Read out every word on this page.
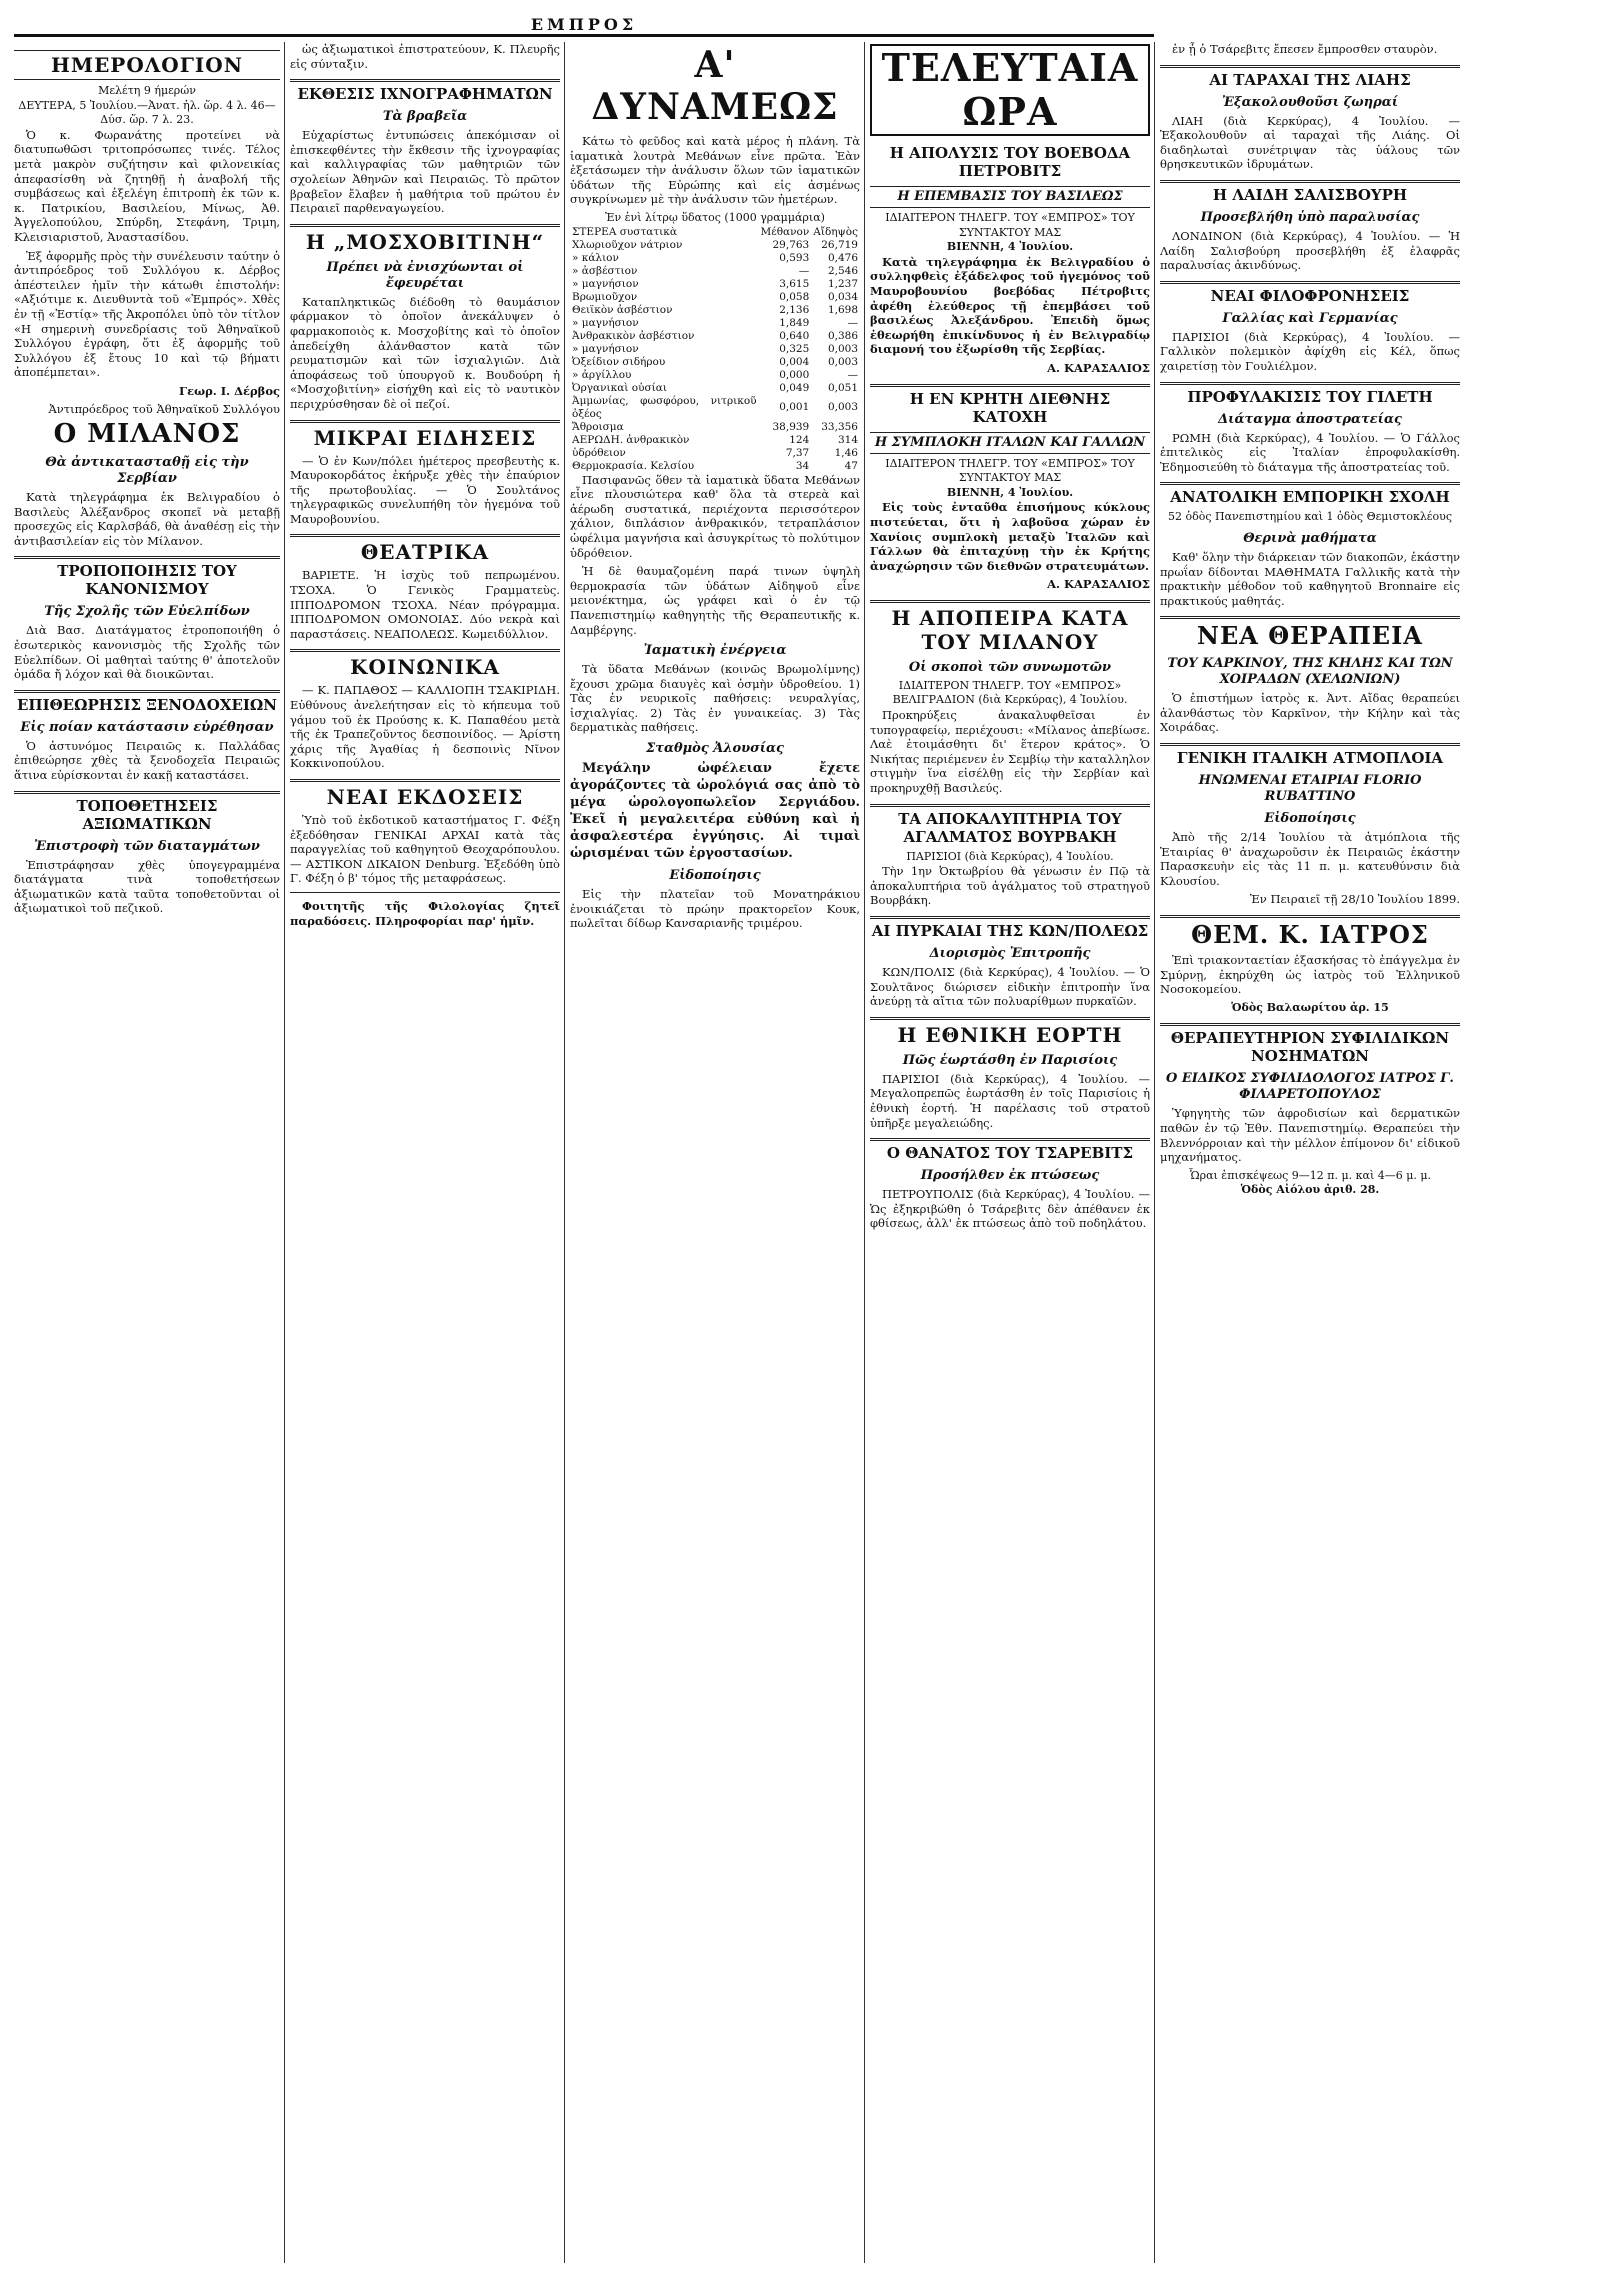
ΕΜΠΡΟΣ
ΗΜΕΡΟΛΟΓΙΟΝ
Μελέτη 9 ήμερών
ΔΕΥΤΕΡΑ, 5 Ἰουλίου.—Ἀνατ. ἡλ. ὥρ. 4 λ. 46—Δύσ. ὥρ. 7 λ. 23.

Ὁ κ. Φωρανάτης προτείνει νὰ διατυπωθῶσι τριτοπρόσωπες τινές. Τέλος μετὰ μακρὸν συζήτησιν καὶ φιλονεικίας ἀπεφασίσθη νὰ ζητηθῇ ἡ ἀναβολή τῆς συμβάσεως καὶ ἐξελέγη ἐπιτροπὴ ἐκ τῶν κ. κ. Πατρικίου, Βασιλείου, Μίνως, Ἀθ. Ἀγγελοπούλου, Σπύρδη, Στεφάνη, Τριμη, Κλεισιαριστοῦ, Ἀναστασίδου.

Ἐξ ἀφορμῆς πρὸς τὴν συνέλευσιν ταύτην ὁ ἀντιπρόεδρος τοῦ Συλλόγου κ. Δέρβος ἀπέστειλεν ἡμῖν τὴν κάτωθι ἐπιστολήν: «Αξιότιμε κ. Διευθυντὰ τοῦ «Ἐμπρός». Χθὲς ἐν τῇ «Ἑστίᾳ» τῆς Ἀκροπόλει ὑπὸ τὸν τίτλον «Η σημερινὴ συνεδρίασις τοῦ Ἀθηναϊκοῦ Συλλόγου ἐγράφη, ὅτι ἐξ ἀφορμῆς τοῦ Συλλόγου ἐξ ἔτους 10 καὶ τῷ βήματι ἀποπέμπεται».

Γεωρ. Ι. Δέρβος
Ἀντιπρόεδρος τοῦ Ἀθηναϊκοῦ Συλλόγου
Ο ΜΙΛΑΝΟΣ
Θὰ ἀντικατασταθῇ εἰς τὴν Σερβίαν

Κατὰ τηλεγράφημα ἐκ Βελιγραδίου ὁ Βασιλεὺς Ἀλέξανδρος σκοπεῖ νὰ μεταβῇ προσεχῶς εἰς Καρλσβάδ, θὰ ἀναθέσῃ εἰς τὴν ἀντιβασιλείαν εἰς τὸν Μίλανον.

ΤΡΟΠΟΠΟΙΗΣΙΣ ΤΟΥ ΚΑΝΟΝΙΣΜΟΥ
Τῆς Σχολῆς τῶν Εὐελπίδων

Διὰ Βασ. Διατάγματος ἐτροποποιήθη ὁ ἐσωτερικὸς κανονισμὸς τῆς Σχολῆς τῶν Εὐελπίδων. Οἱ μαθηταὶ ταύτης θ' ἀποτελοῦν ὁμάδα ἤ λόχον καὶ θὰ διοικῶνται.

ΕΠΙΘΕΩΡΗΣΙΣ ΞΕΝΟΔΟΧΕΙΩΝ
Εἰς ποίαν κατάστασιν εὑρέθησαν

Ὁ ἀστυνόμος Πειραιῶς κ. Παλλάδας ἐπιθεώρησε χθὲς τὰ ξενοδοχεῖα Πειραιῶς ἅτινα εὑρίσκονται ἐν κακῇ καταστάσει.

ΤΟΠΟΘΕΤΗΣΕΙΣ ΑΞΙΩΜΑΤΙΚΩΝ
Ἐπιστροφὴ τῶν διαταγμάτων

Ἐπιστράφησαν χθὲς ὑπογεγραμμένα διατάγματα τινὰ τοποθετήσεων ἀξιωματικῶν κατὰ ταῦτα τοποθετοῦνται οἱ ἀξιωματικοὶ τοῦ πεζικοῦ.

ὡς ἀξιωματικοὶ ἐπιστρατεύουν, Κ. Πλευρῆς εἰς σύνταξιν.

ΕΚΘΕΣΙΣ ΙΧΝΟΓΡΑΦΗΜΑΤΩΝ
Τὰ βραβεῖα

Εὐχαρίστως ἐντυπώσεις ἀπεκόμισαν οἱ ἐπισκεφθέντες τὴν ἔκθεσιν τῆς ἰχνογραφίας καὶ καλλιγραφίας τῶν μαθητριῶν τῶν σχολείων Ἀθηνῶν καὶ Πειραιῶς. Τὸ πρῶτον βραβεῖον ἔλαβεν ἡ μαθήτρια τοῦ πρώτου ἐν Πειραιεῖ παρθεναγωγείου.

Η „ΜΟΣΧΟΒΙΤΙΝΗ“
Πρέπει νὰ ἐνισχύωνται οἱ ἔφευρέται

Καταπληκτικῶς διέδοθη τὸ θαυμάσιον φάρμακον τὸ ὁποῖον ἀνεκάλυψεν ὁ φαρμακοποιὸς κ. Μοσχοβίτης καὶ τὸ ὁποῖον ἀπεδείχθη ἀλάνθαστον κατὰ τῶν ρευματισμῶν καὶ τῶν ἰσχιαλγιῶν. Διὰ ἀποφάσεως τοῦ ὑπουργοῦ κ. Βουδούρη ἡ «Μοσχοβιτίνη» εἰσήχθη καὶ εἰς τὸ ναυτικὸν περιχρύσθησαν δὲ οἱ πεζοί.

ΜΙΚΡΑΙ ΕΙΔΗΣΕΙΣ

— Ὁ ἐν Κων/πόλει ἡμέτερος πρεσβευτὴς κ. Μαυροκορδάτος ἐκήρυξε χθὲς τὴν ἐπαύριον τῆς πρωτοβουλίας. — Ὁ Σουλτάνος τηλεγραφικῶς συνελυπήθη τὸν ἡγεμόνα τοῦ Μαυροβουνίου.

ΘΕΑΤΡΙΚΑ

ΒΑΡΙΕΤΕ. Ἡ ἰσχὺς τοῦ πεπρωμένου. ΤΣΟΧΑ. Ὁ Γενικὸς Γραμματεὺς. ΙΠΠΟΔΡΟΜΟΝ ΤΣΟΧΑ. Νέαν πρόγραμμα. ΙΠΠΟΔΡΟΜΟΝ ΟΜΟΝΟΙΑΣ. Δύο νεκρὰ καὶ παραστάσεις. ΝΕΑΠΟΛΕΩΣ. Κωμειδύλλιον.

ΚΟΙΝΩΝΙΚΑ

— Κ. ΠΑΠΑΘΟΣ — ΚΑΛΛΙΟΠΗ ΤΣΑΚΙΡΙΔΗ. Εὐθύνους ἀνελεήτησαν εἰς τὸ κήπευμα τοῦ γάμου τοῦ ἐκ Προύσης κ. Κ. Παπαθέου μετὰ τῆς ἐκ Τραπεζοῦντος δεσποινίδος. — Ἀρίστη χάρις τῆς Ἀγαθίας ἡ δεσποινὶς Νῖνον Κοκκινοπούλου.

ΝΕΑΙ ΕΚΔΟΣΕΙΣ

Ὑπὸ τοῦ ἐκδοτικοῦ καταστήματος Γ. Φέξη ἐξεδόθησαν ΓΕΝΙΚΑΙ ΑΡΧΑΙ κατὰ τὰς παραγγελίας τοῦ καθηγητοῦ Θεοχαρόπουλου. — ΑΣΤΙΚΟΝ ΔΙΚΑΙΟΝ Denburg. Ἐξεδόθη ὑπὸ Γ. Φέξη ὁ β' τόμος τῆς μεταφράσεως.

Φοιτητῆς τῆς Φιλολογίας ζητεῖ παραδόσεις. Πληροφορίαι παρ' ἡμῖν.

Α' ΔΥΝΑΜΕΩΣ

Κάτω τὸ φεῦδος καὶ κατὰ μέρος ἡ πλάνη. Τὰ ἰαματικὰ λουτρὰ Μεθάνων εἶνε πρῶτα. Ἐὰν ἐξετάσωμεν τὴν ἀνάλυσιν ὅλων τῶν ἰαματικῶν ὑδάτων τῆς Εὐρώπης καὶ εἰς ἀσμένως συγκρίνωμεν μὲ τὴν ἀνάλυσιν τῶν ἡμετέρων.

Ἐν ἑνὶ λίτρῳ ὕδατος (1000 γραμμάρια)
ΣΤΕΡΕΑ συστατικὰ	Μέθανον	Αἴδηψὸς
Χλωριοῦχον νάτριον	29,763	26,719
» κάλιον	0,593	0,476
» ἀσβέστιον	—	2,546
» μαγνήσιον	3,615	1,237
Βρωμιοῦχον	0,058	0,034
Θειϊκὸν ἀσβέστιον	2,136	1,698
» μαγνήσιον	1,849	—
Ἀνθρακικὸν ἀσβέστιον	0,640	0,386
» μαγνήσιον	0,325	0,003
Ὀξείδιον σιδήρου	0,004	0,003
» ἀργίλλου	0,000	—
Ὀργανικαὶ οὐσίαι	0,049	0,051
Ἀμμωνίας, φωσφόρου, νιτρικοῦ ὀξέος	0,001	0,003
Ἄθροισμα	38,939	33,356
ΑΕΡΩΔΗ. ἀνθρακικὸν	124	314
ὑδρόθειον	7,37	1,46
Θερμοκρασία. Κελσίου	34	47

Πασιφανῶς ὅθεν τὰ ἰαματικὰ ὕδατα Μεθάνων εἶνε πλουσιώτερα καθ' ὅλα τὰ στερεὰ καὶ ἀέρωδη συστατικά, περιέχοντα περισσότερον χάλιον, διπλάσιον ἀνθρακικόν, τετραπλάσιον ὠφέλιμα μαγνήσια καὶ ἀσυγκρίτως τὸ πολύτιμον ὑδρόθειον.

Ἡ δὲ θαυμαζομένη παρά τινων ὑψηλὴ θερμοκρασία τῶν ὑδάτων Αἰδηψοῦ εἶνε μειονέκτημα, ὡς γράφει καὶ ὁ ἐν τῷ Πανεπιστημίῳ καθηγητὴς τῆς Θεραπευτικῆς κ. Δαμβέργης.

Ἰαματικὴ ἐνέργεια

Τὰ ὕδατα Μεθάνων (κοινῶς Βρωμολίμνης) ἔχουσι χρῶμα διαυγὲς καὶ ὀσμὴν ὑδροθείου. 1) Τὰς ἐν νευρικοῖς παθήσεις: νευραλγίας, ἰσχιαλγίας. 2) Τὰς ἐν γυναικείας. 3) Τὰς δερματικὰς παθήσεις.

Σταθμὸς Ἀλουσίας

Μεγάλην ὠφέλειαν ἔχετε ἀγοράζοντες τὰ ὡρολόγιά σας ἀπὸ τὸ μέγα ὡρολογοπωλεῖον Σεργιάδου. Ἐκεῖ ἡ μεγαλειτέρα εὐθύνη καὶ ἡ ἀσφαλεστέρα ἐγγύησις. Αἱ τιμαὶ ὡρισμέναι τῶν ἐργοστασίων.

Εἰδοποίησις

Εἰς τὴν πλατεῖαν τοῦ Μονατηράκιου ἐνοικιάζεται τὸ πρώην πρακτορεῖον Κουκ, πωλεῖται δίδωρ Κανσαριανῆς τριμέρου.

ΤΕΛΕΥΤΑΙΑ ΩΡΑ
Η ΑΠΟΛΥΣΙΣ ΤΟΥ ΒΟΕΒΟΔΑ ΠΕΤΡΟΒΙΤΣ
Η ΕΠΕΜΒΑΣΙΣ ΤΟΥ ΒΑΣΙΛΕΩΣ
ΙΔΙΑΙΤΕΡΟΝ ΤΗΛΕΓΡ. ΤΟΥ «ΕΜΠΡΟΣ» ΤΟΥ ΣΥΝΤΑΚΤΟΥ ΜΑΣ
ΒΙΕΝΝΗ, 4 Ἰουλίου.

Κατὰ τηλεγράφημα ἐκ Βελιγραδίου ὁ συλληφθεὶς ἐξάδελφος τοῦ ἡγεμόνος τοῦ Μαυροβουνίου βοεβόδας Πέτροβιτς ἀφέθη ἐλεύθερος τῇ ἐπεμβάσει τοῦ βασιλέως Ἀλεξάνδρου. Ἐπειδὴ ὅμως ἐθεωρήθη ἐπικίνδυνος ἡ ἐν Βελιγραδίῳ διαμονή του ἐξωρίσθη τῆς Σερβίας.

Α. ΚΑΡΑΣΑΛΙΟΣ
Η ΕΝ ΚΡΗΤΗ ΔΙΕΘΝΗΣ ΚΑΤΟΧΗ
Η ΣΥΜΠΛΟΚΗ ΙΤΑΛΩΝ ΚΑΙ ΓΑΛΛΩΝ
ΙΔΙΑΙΤΕΡΟΝ ΤΗΛΕΓΡ. ΤΟΥ «ΕΜΠΡΟΣ» ΤΟΥ ΣΥΝΤΑΚΤΟΥ ΜΑΣ
ΒΙΕΝΝΗ, 4 Ἰουλίου.

Εἰς τοὺς ἐνταῦθα ἐπισήμους κύκλους πιστεύεται, ὅτι ἡ λαβοῦσα χώραν ἐν Χανίοις συμπλοκὴ μεταξὺ Ἰταλῶν καὶ Γάλλων θὰ ἐπιταχύνῃ τὴν ἐκ Κρήτης ἀναχώρησιν τῶν διεθνῶν στρατευμάτων.

Α. ΚΑΡΑΣΑΛΙΟΣ
Η ΑΠΟΠΕΙΡΑ ΚΑΤΑ ΤΟΥ ΜΙΛΑΝΟΥ
Οἱ σκοποὶ τῶν συνωμοτῶν
ΙΔΙΑΙΤΕΡΟΝ ΤΗΛΕΓΡ. ΤΟΥ «ΕΜΠΡΟΣ»
ΒΕΛΙΓΡΑΔΙΟΝ (διὰ Κερκύρας), 4 Ἰουλίου.

Προκηρύξεις ἀνακαλυφθεῖσαι ἐν τυπογραφείῳ, περιέχουσι: «Μίλανος ἀπεβίωσε. Λαὲ ἐτοιμάσθητι δι' ἕτερον κράτος». Ὁ Νικήτας περιέμενεν ἐν Σεμβίῳ τὴν καταλληλον στιγμὴν ἵνα εἰσέλθῃ εἰς τὴν Σερβίαν καὶ προκηρυχθῇ Βασιλεύς.

ΤΑ ΑΠΟΚΑΛΥΠΤΗΡΙΑ ΤΟΥ ΑΓΑΛΜΑΤΟΣ ΒΟΥΡΒΑΚΗ
ΠΑΡΙΣΙΟΙ (διὰ Κερκύρας), 4 Ἰουλίου.

Τὴν 1ην Ὀκτωβρίου θὰ γένωσιν ἐν Πῷ τὰ ἀποκαλυπτήρια τοῦ ἀγάλματος τοῦ στρατηγοῦ Βουρβάκη.

ΑΙ ΠΥΡΚΑΙΑΙ ΤΗΣ ΚΩΝ/ΠΟΛΕΩΣ
Διορισμὸς Ἐπιτροπῆς

ΚΩΝ/ΠΟΛΙΣ (διὰ Κερκύρας), 4 Ἰουλίου. — Ὁ Σουλτᾶνος διώρισεν εἰδικὴν ἐπιτροπὴν ἵνα ἀνεύρῃ τὰ αἴτια τῶν πολυαρίθμων πυρκαϊῶν.

Η ΕΘΝΙΚΗ ΕΟΡΤΗ
Πῶς ἑωρτάσθη ἐν Παρισίοις

ΠΑΡΙΣΙΟΙ (διὰ Κερκύρας), 4 Ἰουλίου. — Μεγαλοπρεπῶς ἑωρτάσθη ἐν τοῖς Παρισίοις ἡ ἐθνικὴ ἑορτή. Ἡ παρέλασις τοῦ στρατοῦ ὑπῆρξε μεγαλειώδης.

Ο ΘΑΝΑΤΟΣ ΤΟΥ ΤΣΑΡΕΒΙΤΣ
Προσήλθεν ἐκ πτώσεως

ΠΕΤΡΟΥΠΟΛΙΣ (διὰ Κερκύρας), 4 Ἰουλίου. — Ὡς ἐξηκριβώθη ὁ Τσάρεβιτς δὲν ἀπέθανεν ἐκ φθίσεως, ἀλλ' ἐκ πτώσεως ἀπὸ τοῦ ποδηλάτου.

ἐν ᾗ ὁ Τσάρεβιτς ἔπεσεν ἔμπροσθεν σταυρὸν.

ΑΙ ΤΑΡΑΧΑΙ ΤΗΣ ΛΙΑΗΣ
Ἐξακολουθοῦσι ζωηραί

ΛΙΑΗ (διὰ Κερκύρας), 4 Ἰουλίου. — Ἐξακολουθοῦν αἱ ταραχαὶ τῆς Λιάης. Οἱ διαδηλωταὶ συνέτριψαν τὰς ὑάλους τῶν θρησκευτικῶν ἱδρυμάτων.

Η ΛΑΙΔΗ ΣΑΛΙΣΒΟΥΡΗ
Προσεβλήθη ὑπὸ παραλυσίας

ΛΟΝΔΙΝΟΝ (διὰ Κερκύρας), 4 Ἰουλίου. — Ἡ Λαίδη Σαλισβούρη προσεβλήθη ἐξ ἐλαφρᾶς παραλυσίας ἀκινδύνως.

ΝΕΑΙ ΦΙΛΟΦΡΟΝΗΣΕΙΣ
Γαλλίας καὶ Γερμανίας

ΠΑΡΙΣΙΟΙ (διὰ Κερκύρας), 4 Ἰουλίου. — Γαλλικὸν πολεμικὸν ἀφίχθη εἰς Κέλ, ὅπως χαιρετίσῃ τὸν Γουλιέλμον.

ΠΡΟΦΥΛΑΚΙΣΙΣ ΤΟΥ ΓΙΛΕΤΗ
Διάταγμα ἀποστρατείας

ΡΩΜΗ (διὰ Κερκύρας), 4 Ἰουλίου. — Ὁ Γάλλος ἐπιτελικὸς εἰς Ἰταλίαν ἐπροφυλακίσθη. Ἐδημοσιεύθη τὸ διάταγμα τῆς ἀποστρατείας τοῦ.

ΑΝΑΤΟΛΙΚΗ ΕΜΠΟΡΙΚΗ ΣΧΟΛΗ
52 ὁδὸς Πανεπιστημίου καὶ 1 ὁδὸς Θεμιστοκλέους
Θερινὰ μαθήματα

Καθ' ὅλην τὴν διάρκειαν τῶν διακοπῶν, ἑκάστην πρωΐαν δίδονται ΜΑΘΗΜΑΤΑ Γαλλικῆς κατὰ τὴν πρακτικὴν μέθοδον τοῦ καθηγητοῦ Bronnaire εἰς πρακτικούς μαθητάς.

ΝΕΑ ΘΕΡΑΠΕΙΑ
ΤΟΥ ΚΑΡΚΙΝΟΥ, ΤΗΣ ΚΗΛΗΣ ΚΑΙ ΤΩΝ ΧΟΙΡΑΔΩΝ (ΧΕΛΩΝΙΩΝ)

Ὁ ἐπιστήμων ἰατρὸς κ. Ἀντ. Αἴδας θεραπεύει ἀλανθάστως τὸν Καρκῖνον, τὴν Κήλην καὶ τὰς Χοιράδας.

ΓΕΝΙΚΗ ΙΤΑΛΙΚΗ ΑΤΜΟΠΛΟΙΑ
ΗΝΩΜΕΝΑΙ ΕΤΑΙΡΙΑΙ FLORIO RUBATTINO
Εἰδοποίησις

Ἀπὸ τῆς 2/14 Ἰουλίου τὰ ἀτμόπλοια τῆς Ἑταιρίας θ' ἀναχωροῦσιν ἐκ Πειραιῶς ἑκάστην Παρασκευὴν εἰς τὰς 11 π. μ. κατευθύνσιν διὰ Κλουσίου.

Ἐν Πειραιεῖ τῇ 28/10 Ἰουλίου 1899.
ΘΕΜ. Κ. ΙΑΤΡΟΣ

Ἐπὶ τριακονταετίαν ἐξασκήσας τὸ ἐπάγγελμα ἐν Σμύρνῃ, ἐκηρύχθη ὡς ἰατρὸς τοῦ Ἑλληνικοῦ Νοσοκομείου.

Ὁδὸς Βαλαωρίτου ἀρ. 15
ΘΕΡΑΠΕΥΤΗΡΙΟΝ ΣΥΦΙΛΙΔΙΚΩΝ ΝΟΣΗΜΑΤΩΝ
Ο ΕΙΔΙΚΟΣ ΣΥΦΙΛΙΔΟΛΟΓΟΣ ΙΑΤΡΟΣ Γ. ΦΙΛΑΡΕΤΟΠΟΥΛΟΣ

Ὑφηγητὴς τῶν ἀφροδισίων καὶ δερματικῶν παθῶν ἐν τῷ Ἐθν. Πανεπιστημίῳ. Θεραπεύει τὴν Βλεννόρροιαν καὶ τὴν μέλλον ἐπίμονον δι' εἰδικοῦ μηχανήματος.

Ὧραι ἐπισκέψεως 9—12 π. μ. καὶ 4—6 μ. μ.
Ὁδὸς Αἰόλου ἀριθ. 28.
